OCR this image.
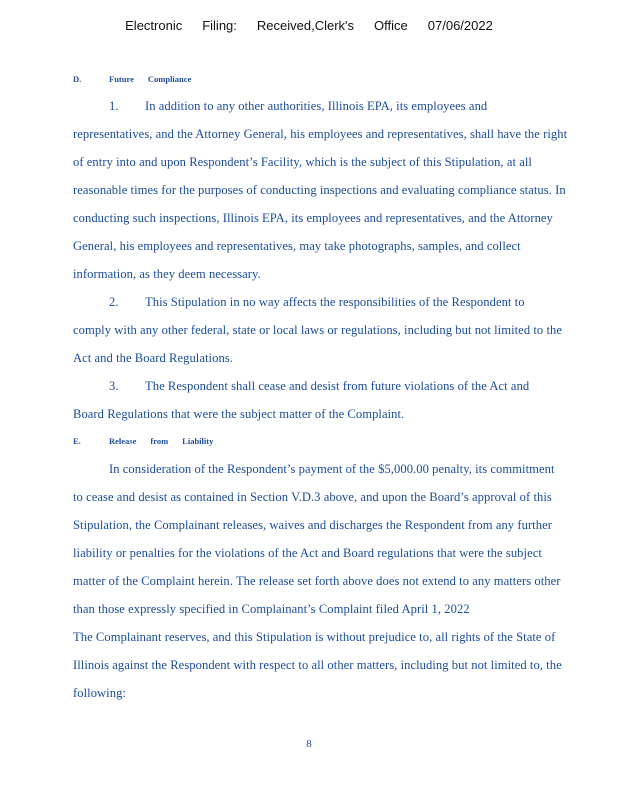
Electronic Filing: Received,Clerk's Office 07/06/2022
D.	Future Compliance
1. In addition to any other authorities, Illinois EPA, its employees and
representatives, and the Attorney General, his employees and representatives, shall have the right
of entry into and upon Respondent’s Facility, which is the subject of this Stipulation, at all
reasonable times for the purposes of conducting inspections and evaluating compliance status. In
conducting such inspections, Illinois EPA, its employees and representatives, and the Attorney
General, his employees and representatives, may take photographs, samples, and collect
information, as they deem necessary.
2. This Stipulation in no way affects the responsibilities of the Respondent to
comply with any other federal, state or local laws or regulations, including but not limited to the
Act and the Board Regulations.
3. The Respondent shall cease and desist from future violations of the Act and
Board Regulations that were the subject matter of the Complaint.
E.	Release from Liability
In consideration of the Respondent’s payment of the $5,000.00 penalty, its commitment
to cease and desist as contained in Section V.D.3 above, and upon the Board’s approval of this
Stipulation, the Complainant releases, waives and discharges the Respondent from any further
liability or penalties for the violations of the Act and Board regulations that were the subject
matter of the Complaint herein. The release set forth above does not extend to any matters other
than those expressly specified in Complainant’s Complaint filed April 1, 2022
The Complainant reserves, and this Stipulation is without prejudice to, all rights of the State of
Illinois against the Respondent with respect to all other matters, including but not limited to, the
following:
8
